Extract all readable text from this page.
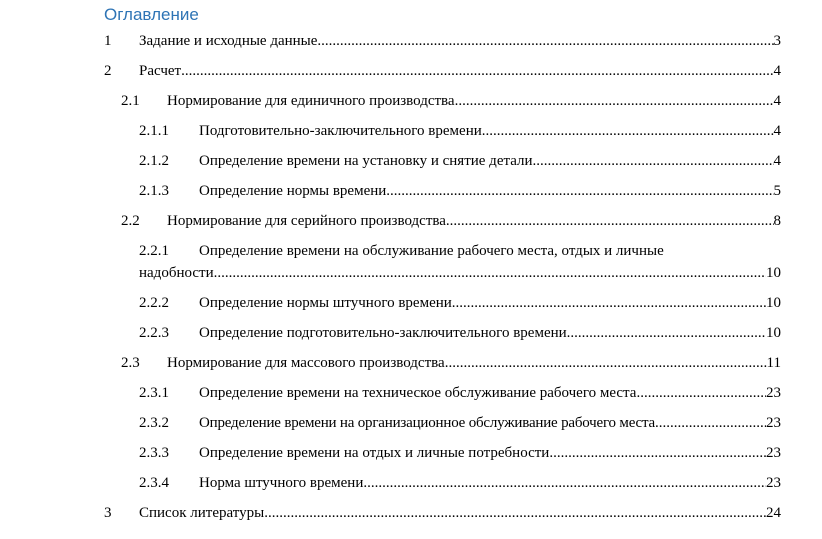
Оглавление
1 Задание и исходные данные .....	3
2 Расчет .....	4
2.1 Нормирование для единичного производства .....	4
2.1.1 Подготовительно-заключительного времени .....	4
2.1.2 Определение времени на установку и снятие детали .....	4
2.1.3 Определение нормы времени .....	5
2.2 Нормирование для серийного производства .....	8
2.2.1 Определение времени на обслуживание рабочего места, отдых и личные
надобности .....	10
2.2.2 Определение нормы штучного времени .....	10
2.2.3 Определение подготовительно-заключительного времени .....	10
2.3 Нормирование для массового производства .....	11
2.3.1 Определение времени на техническое обслуживание рабочего места .....	23
2.3.2 Определение времени на организационное обслуживание рабочего места .....	23
2.3.3 Определение времени на отдых и личные потребности .....	23
2.3.4 Норма штучного времени .....	23
3 Список литературы .....	24
